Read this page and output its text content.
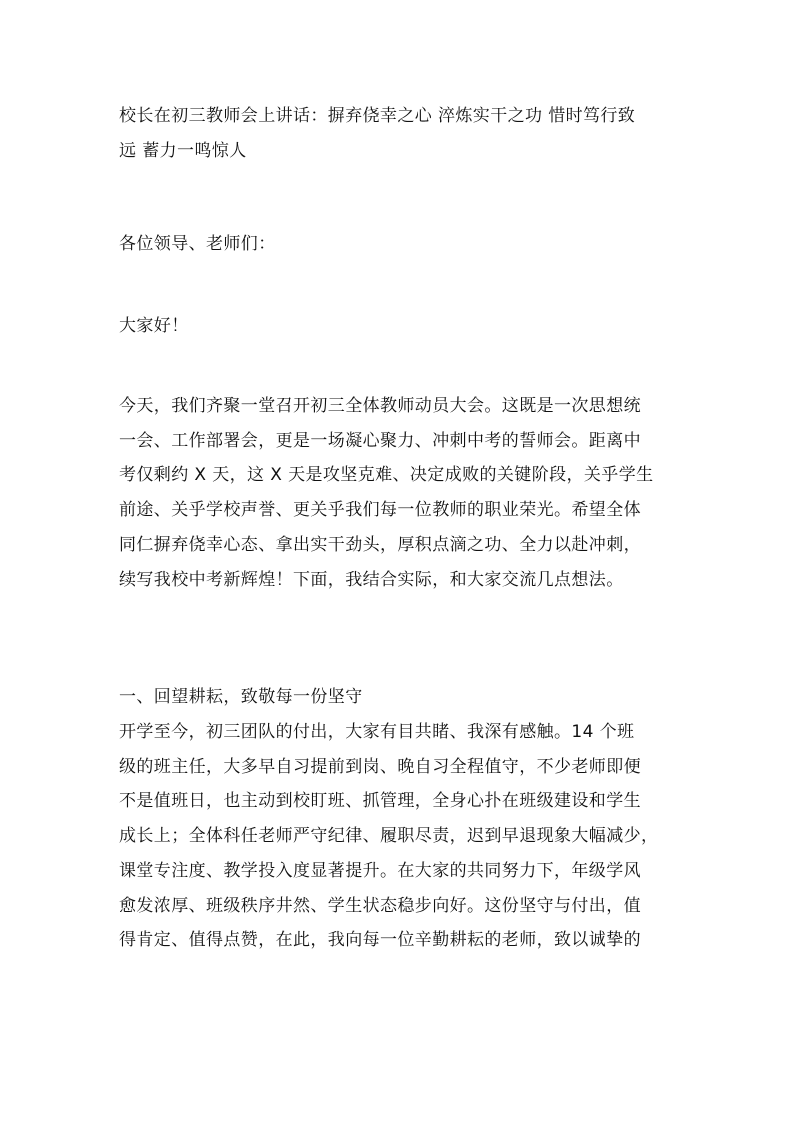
校长在初三教师会上讲话：摒弃侥幸之心 淬炼实干之功 惜时笃行致
远 蓄力一鸣惊人
各位领导、老师们：
大家好！
今天，我们齐聚一堂召开初三全体教师动员大会。这既是一次思想统
一会、工作部署会，更是一场凝心聚力、冲刺中考的誓师会。距离中
考仅剩约 X 天，这 X 天是攻坚克难、决定成败的关键阶段，关乎学生
前途、关乎学校声誉、更关乎我们每一位教师的职业荣光。希望全体
同仁摒弃侥幸心态、拿出实干劲头，厚积点滴之功、全力以赴冲刺，
续写我校中考新辉煌！下面，我结合实际，和大家交流几点想法。
一、回望耕耘，致敬每一份坚守
开学至今，初三团队的付出，大家有目共睹、我深有感触。14 个班
级的班主任，大多早自习提前到岗、晚自习全程值守，不少老师即便
不是值班日，也主动到校盯班、抓管理，全身心扑在班级建设和学生
成长上；全体科任老师严守纪律、履职尽责，迟到早退现象大幅减少，
课堂专注度、教学投入度显著提升。在大家的共同努力下，年级学风
愈发浓厚、班级秩序井然、学生状态稳步向好。这份坚守与付出，值
得肯定、值得点赞，在此，我向每一位辛勤耕耘的老师，致以诚挚的
